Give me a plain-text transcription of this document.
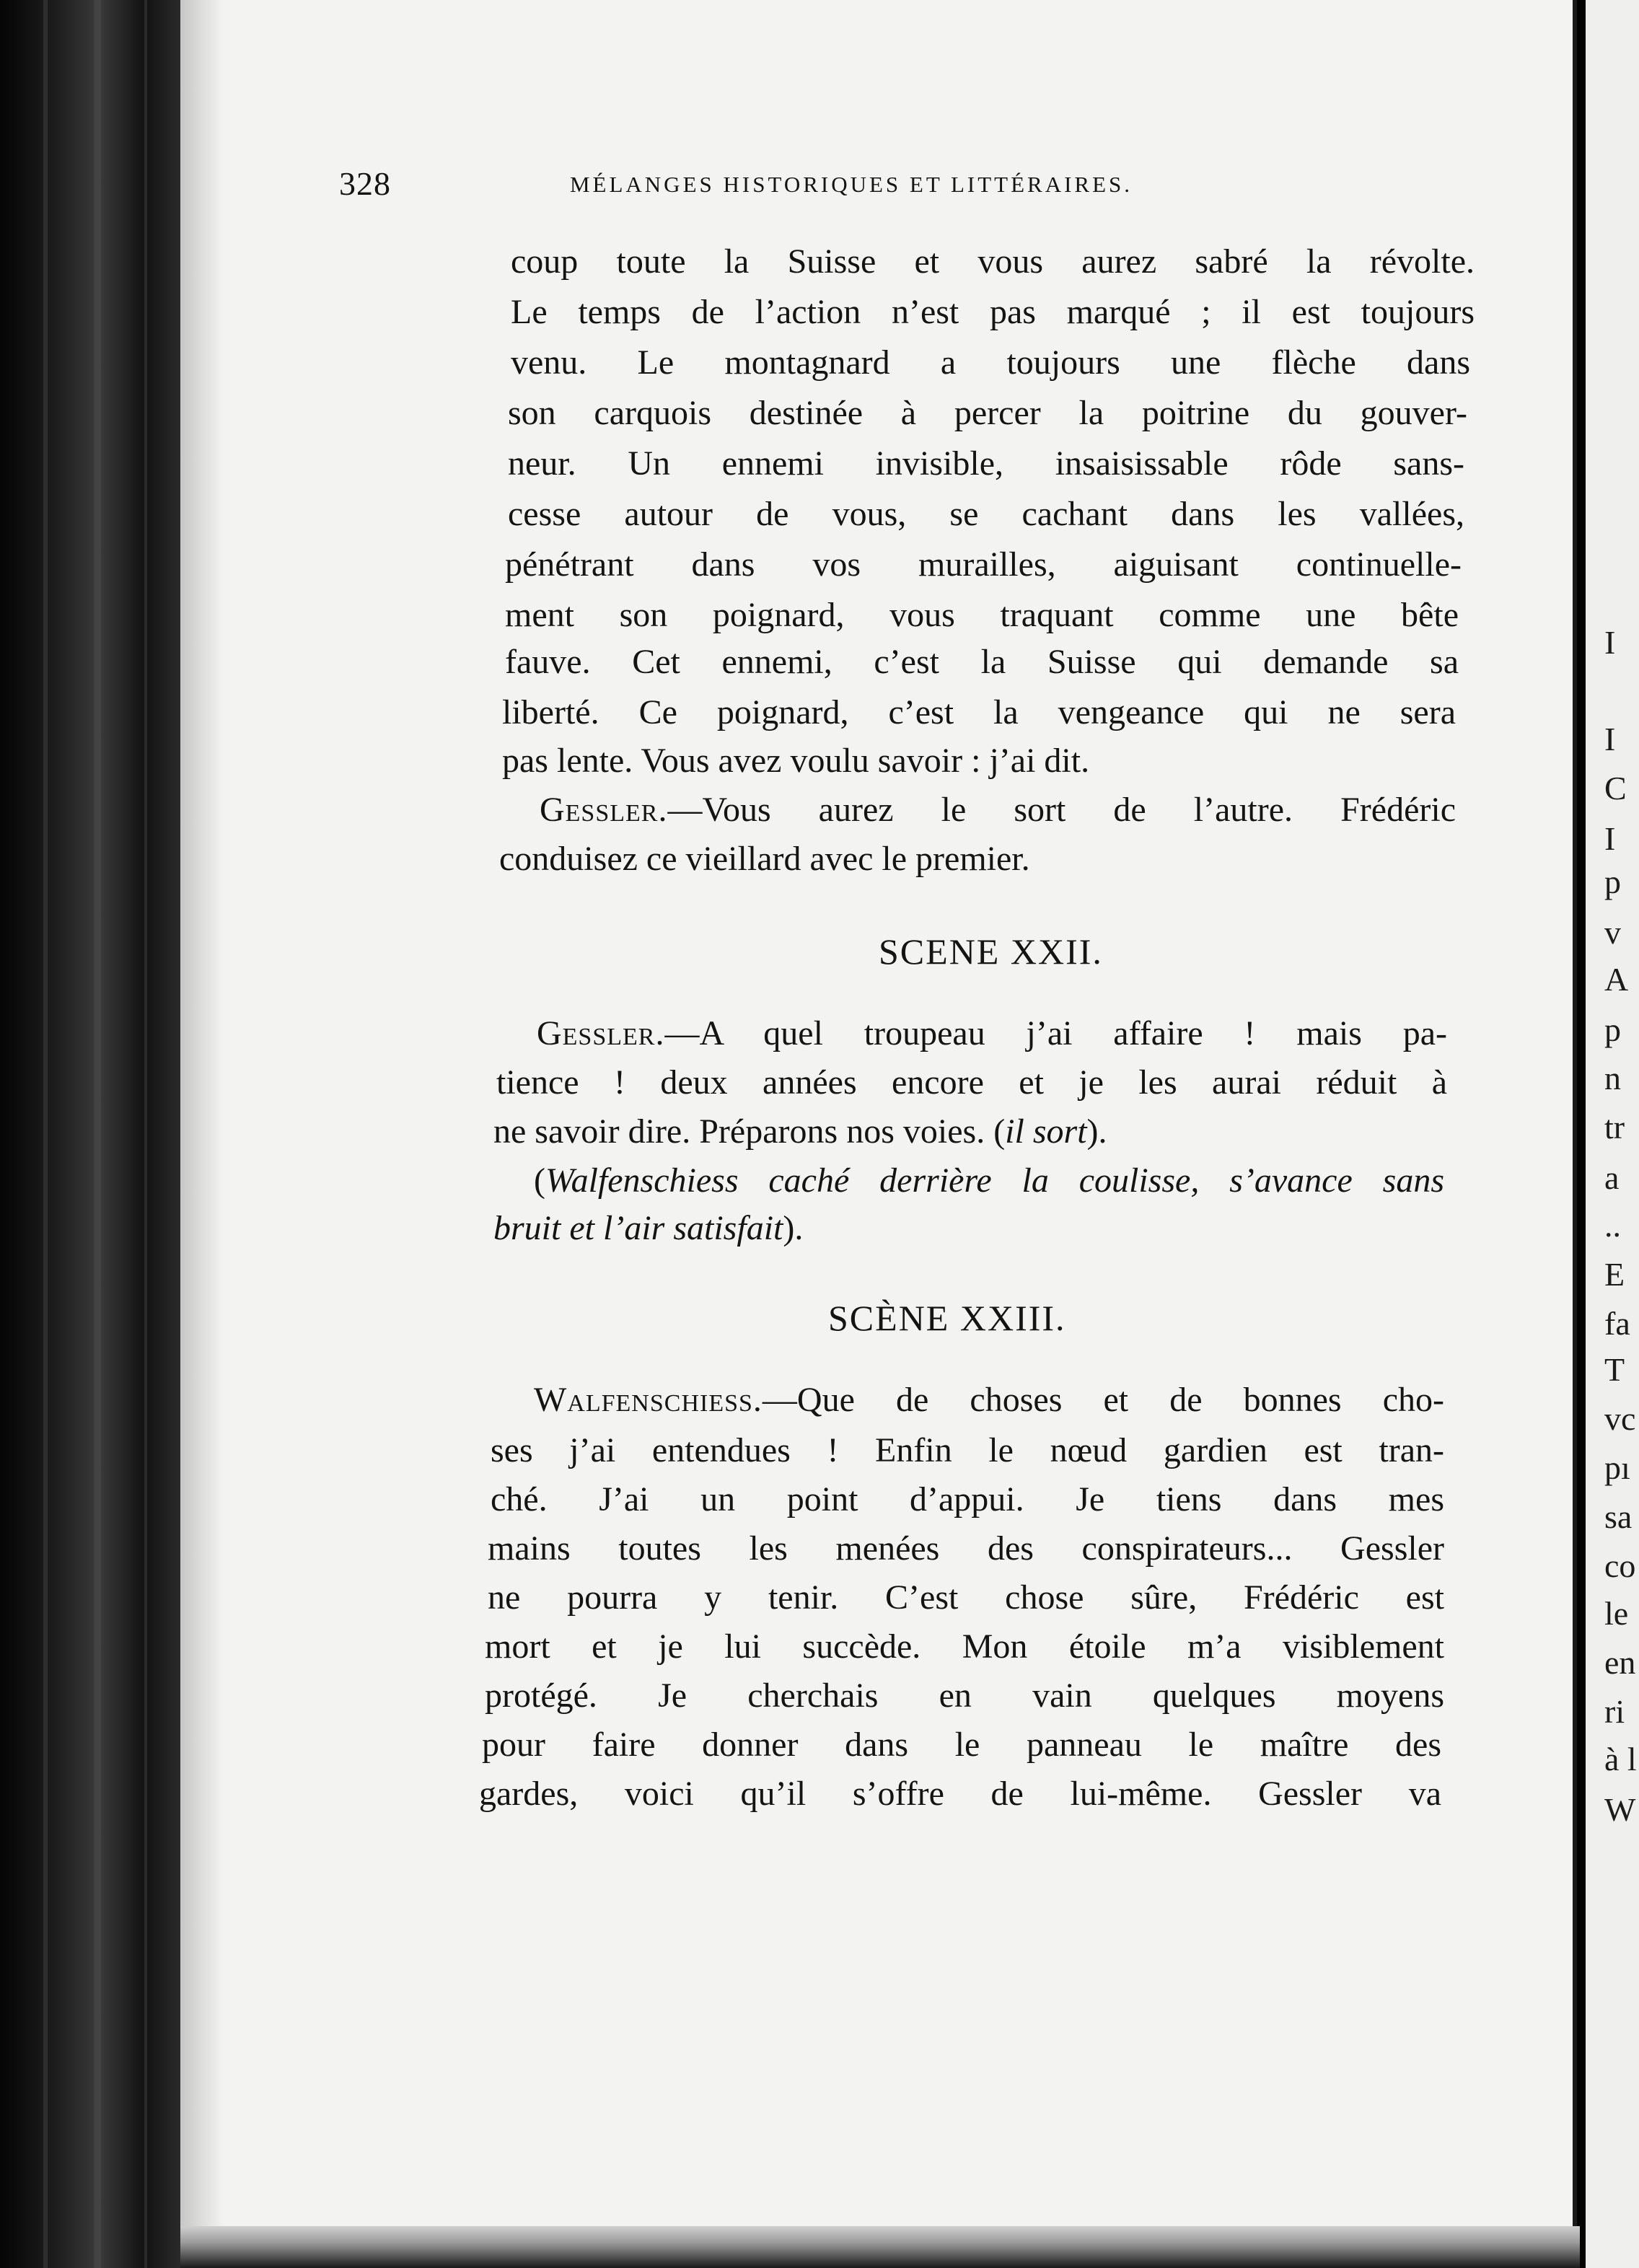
328	MÉLANGES HISTORIQUES ET LITTÉRAIRES.
coup toute la Suisse et vous aurez sabré la révolte.
Le temps de l’action n’est pas marqué ; il est toujours
venu. Le montagnard a toujours une flèche dans
son carquois destinée à percer la poitrine du gouver-
neur. Un ennemi invisible, insaisissable rôde sans-
cesse autour de vous, se cachant dans les vallées,
pénétrant dans vos murailles, aiguisant continuelle-
ment son poignard, vous traquant comme une bête
fauve. Cet ennemi, c’est la Suisse qui demande sa
liberté. Ce poignard, c’est la vengeance qui ne sera
pas lente. Vous avez voulu savoir : j’ai dit.
Gessler.—Vous aurez le sort de l’autre. Frédéric
conduisez ce vieillard avec le premier.
SCENE XXII.
Gessler.—A quel troupeau j’ai affaire ! mais pa-
tience ! deux années encore et je les aurai réduit à
ne savoir dire. Préparons nos voies. (il sort).
(Walfenschiess caché derrière la coulisse, s’avance sans
bruit et l’air satisfait).
SCÈNE XXIII.
Walfenschiess.—Que de choses et de bonnes cho-
ses j’ai entendues ! Enfin le nœud gardien est tran-
ché. J’ai un point d’appui. Je tiens dans mes
mains toutes les menées des conspirateurs... Gessler
ne pourra y tenir. C’est chose sûre, Frédéric est
mort et je lui succède. Mon étoile m’a visiblement
protégé. Je cherchais en vain quelques moyens
pour faire donner dans le panneau le maître des
gardes, voici qu’il s’offre de lui-même. Gessler va
I
I
C
I
p
v
A
p
n
tr
a
..
E
fa
T
vc
pı
sa
co
le
en
ri
à l
W
